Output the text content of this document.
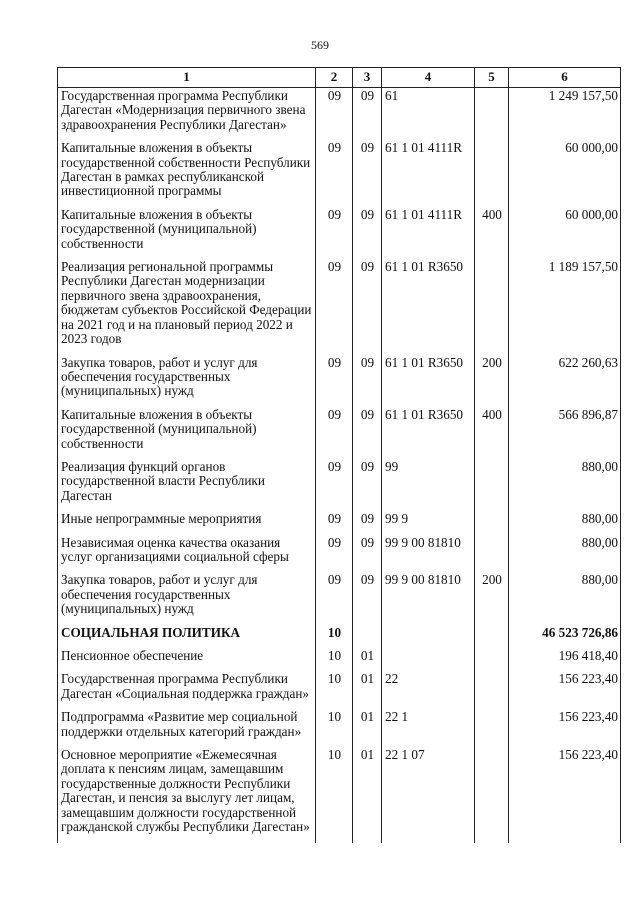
569
1	2	3	4	5	6
Государственная программа Республики Дагестан «Модернизация первичного звена здравоохранения Республики Дагестан»	09	09	61		1 249 157,50
Капитальные вложения в объекты государственной собственности Республики Дагестан в рамках республиканской инвестиционной программы	09	09	61 1 01 4111R		60 000,00
Капитальные вложения в объекты государственной (муниципальной) собственности	09	09	61 1 01 4111R	400	60 000,00
Реализация региональной программы Республики Дагестан модернизации первичного звена здравоохранения, бюджетам субъектов Российской Федерации на 2021 год и на плановый период 2022 и 2023 годов	09	09	61 1 01 R3650		1 189 157,50
Закупка товаров, работ и услуг для обеспечения государственных (муниципальных) нужд	09	09	61 1 01 R3650	200	622 260,63
Капитальные вложения в объекты государственной (муниципальной) собственности	09	09	61 1 01 R3650	400	566 896,87
Реализация функций органов государственной власти Республики Дагестан	09	09	99		880,00
Иные непрограммные мероприятия	09	09	99 9		880,00
Независимая оценка качества оказания услуг организациями социальной сферы	09	09	99 9 00 81810		880,00
Закупка товаров, работ и услуг для обеспечения государственных (муниципальных) нужд	09	09	99 9 00 81810	200	880,00
СОЦИАЛЬНАЯ ПОЛИТИКА	10				46 523 726,86
Пенсионное обеспечение	10	01			196 418,40
Государственная программа Республики Дагестан «Социальная поддержка граждан»	10	01	22		156 223,40
Подпрограмма «Развитие мер социальной поддержки отдельных категорий граждан»	10	01	22 1		156 223,40
Основное мероприятие «Ежемесячная доплата к пенсиям лицам, замещавшим государственные должности Республики Дагестан, и пенсия за выслугу лет лицам, замещавшим должности государственной гражданской службы Республики Дагестан»	10	01	22 1 07		156 223,40
